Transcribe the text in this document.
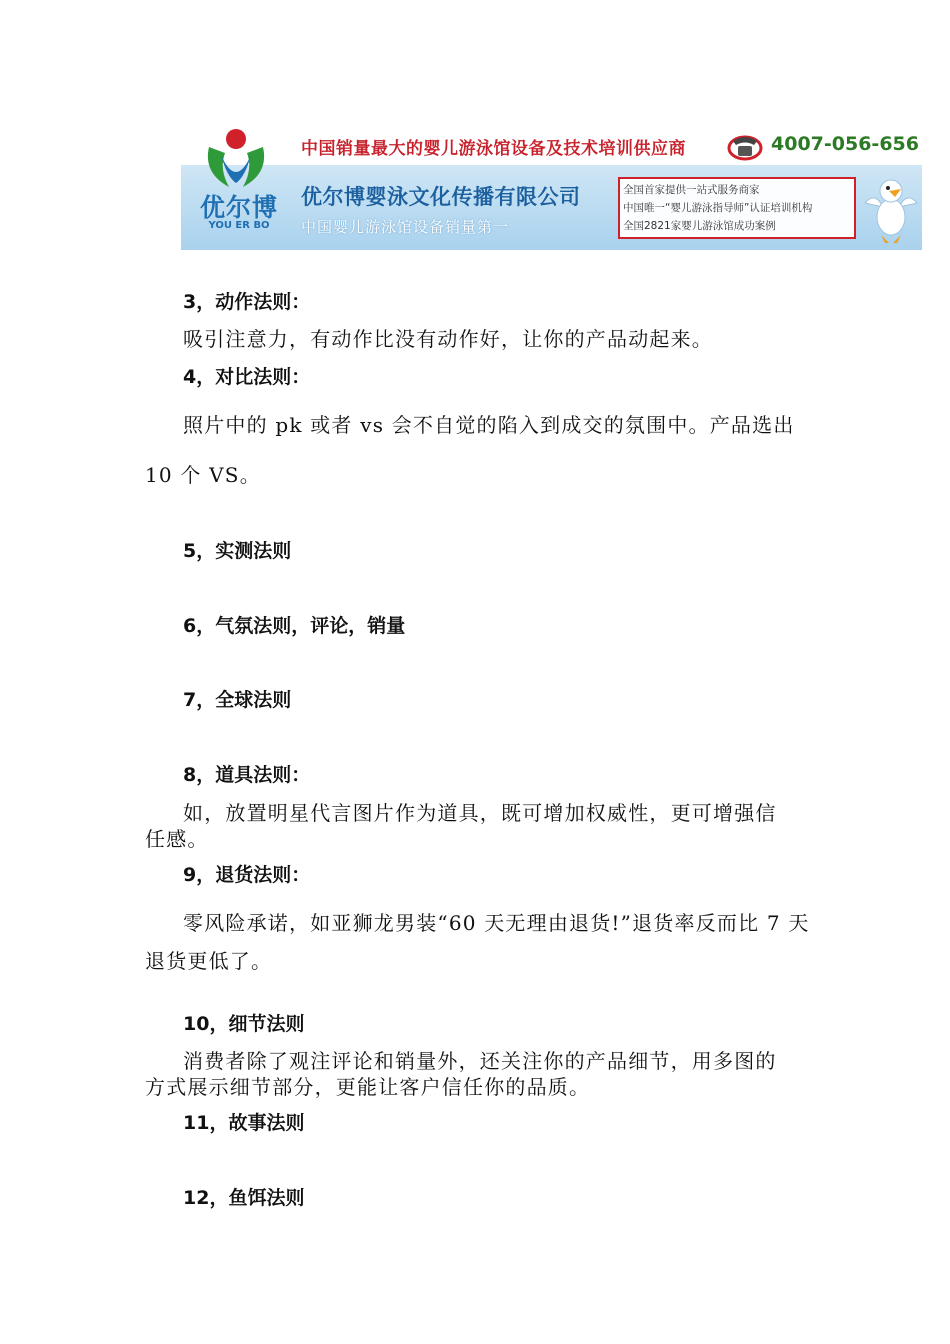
优尔博
YOU ER BO
中国销量最大的婴儿游泳馆设备及技术培训供应商	4007-056-656
优尔博婴泳文化传播有限公司
中国婴儿游泳馆设备销量第一
全国首家提供一站式服务商家
中国唯一“婴儿游泳指导师”认证培训机构
全国2821家婴儿游泳馆成功案例
3，动作法则：
吸引注意力，有动作比没有动作好，让你的产品动起来。
4，对比法则：
照片中的 pk 或者 vs 会不自觉的陷入到成交的氛围中。产品选出
10 个 VS。
5，实测法则
6，气氛法则，评论，销量
7，全球法则
8，道具法则：
如，放置明星代言图片作为道具，既可增加权威性，更可增强信
任感。
9，退货法则：
零风险承诺，如亚狮龙男装“60 天无理由退货!”退货率反而比 7 天
退货更低了。
10，细节法则
消费者除了观注评论和销量外，还关注你的产品细节，用多图的
方式展示细节部分，更能让客户信任你的品质。
11，故事法则
12，鱼饵法则
